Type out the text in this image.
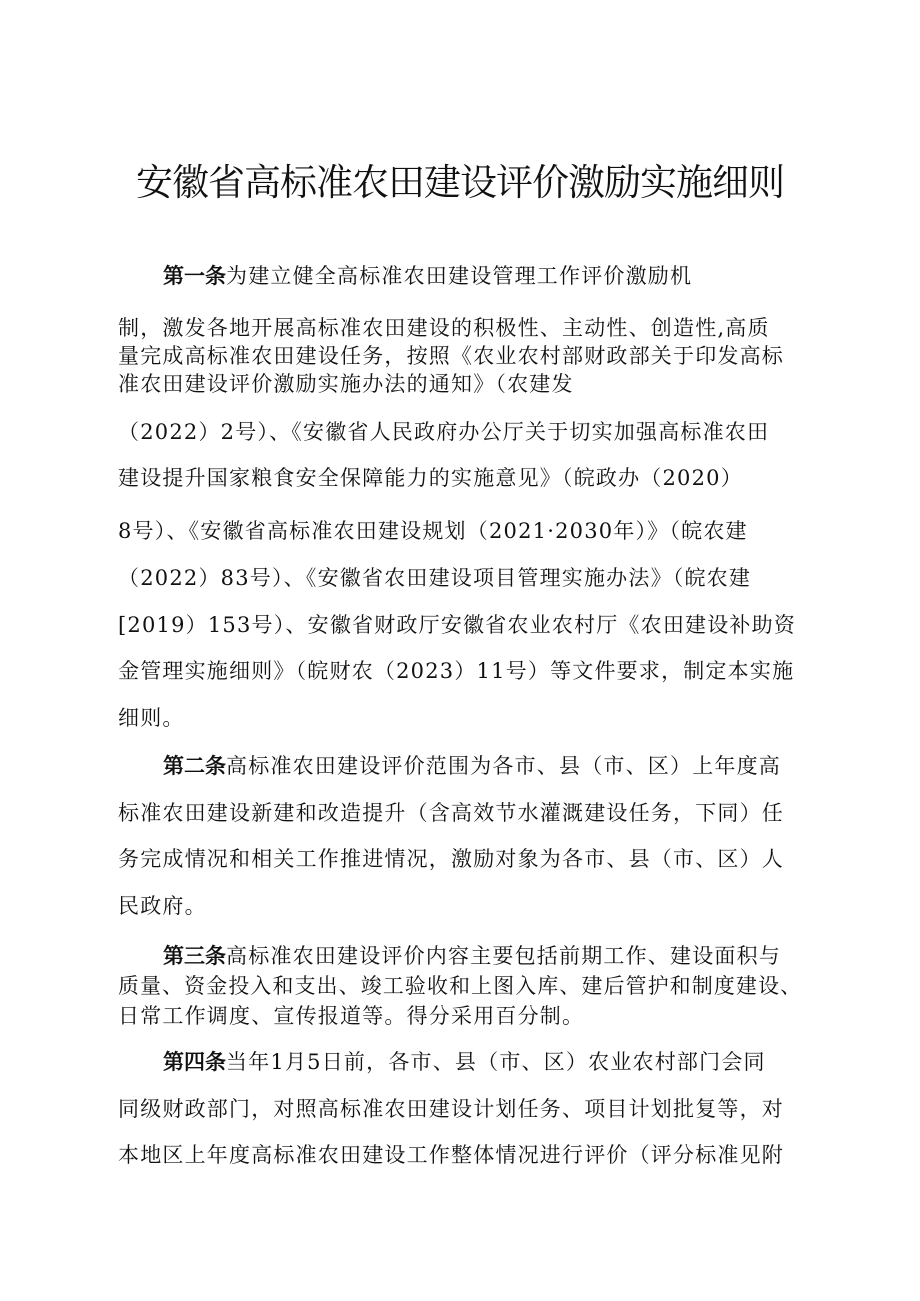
安徽省高标准农田建设评价激励实施细则
第一条为建立健全高标准农田建设管理工作评价激励机
制，激发各地开展高标准农田建设的积极性、主动性、创造性,高质
量完成高标准农田建设任务，按照《农业农村部财政部关于印发高标
准农田建设评价激励实施办法的通知》（农建发
（2022）2号）、《安徽省人民政府办公厅关于切实加强高标准农田
建设提升国家粮食安全保障能力的实施意见》（皖政办（2020）
8号）、《安徽省高标准农田建设规划（2021·2030年）》（皖农建
（2022）83号）、《安徽省农田建设项目管理实施办法》（皖农建
[2019）153号）、安徽省财政厅安徽省农业农村厅《农田建设补助资
金管理实施细则》（皖财农（2023）11号）等文件要求，制定本实施
细则。
第二条高标准农田建设评价范围为各市、县（市、区）上年度高
标准农田建设新建和改造提升（含高效节水灌溉建设任务，下同）任
务完成情况和相关工作推进情况，激励对象为各市、县（市、区）人
民政府。
第三条高标准农田建设评价内容主要包括前期工作、建设面积与
质量、资金投入和支出、竣工验收和上图入库、建后管护和制度建设、
日常工作调度、宣传报道等。得分采用百分制。
第四条当年1月5日前，各市、县（市、区）农业农村部门会同
同级财政部门，对照高标准农田建设计划任务、项目计划批复等，对
本地区上年度高标准农田建设工作整体情况进行评价（评分标准见附
